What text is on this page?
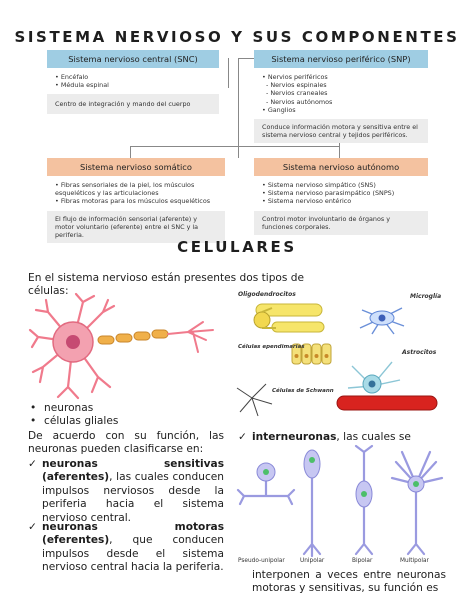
SISTEMA NERVIOSO Y SUS COMPONENTES
Sistema nervioso central (SNC)
• Encéfalo
• Médula espinal
Centro de integración y mando del cuerpo
Sistema nervioso periférico (SNP)
• Nervios periféricos
- Nervios espinales
- Nervios craneales
- Nervios autónomos
• Ganglios
Conduce información motora y sensitiva entre el sistema nervioso central y tejidos periféricos.
Sistema nervioso somático
• Fibras sensoriales de la piel, los músculos esqueléticos y las articulaciones
• Fibras motoras para los músculos esqueléticos
El flujo de información sensorial (aferente) y motor voluntario (eferente) entre el SNC y la periferia.
Sistema nervioso autónomo
• Sistema nervioso simpático (SNS)
• Sistema nervioso parasimpático (SNPS)
• Sistema nervioso entérico
Control motor involuntario de órganos y funciones corporales.
CELULARES
En el sistema nervioso están presentes dos tipos de células:	Oligodendrocitos	Microglía
Células ependimarias
Astrocitos
Células de Schwann
• neuronas
• células gliales
De acuerdo con su función, las neuronas pueden clasificarse en:
✓ neuronas sensitivas (aferentes), las cuales conducen impulsos nerviosos desde la periferia hacia el sistema nervioso central.
✓ neuronas motoras (eferentes), que conducen impulsos desde el sistema nervioso central hacia la periferia.
✓ interneuronas, las cuales se
Pseudo-unipolar	Unipolar	Bipolar	Multipolar
interponen a veces entre neuronas motoras y sensitivas, su función es
